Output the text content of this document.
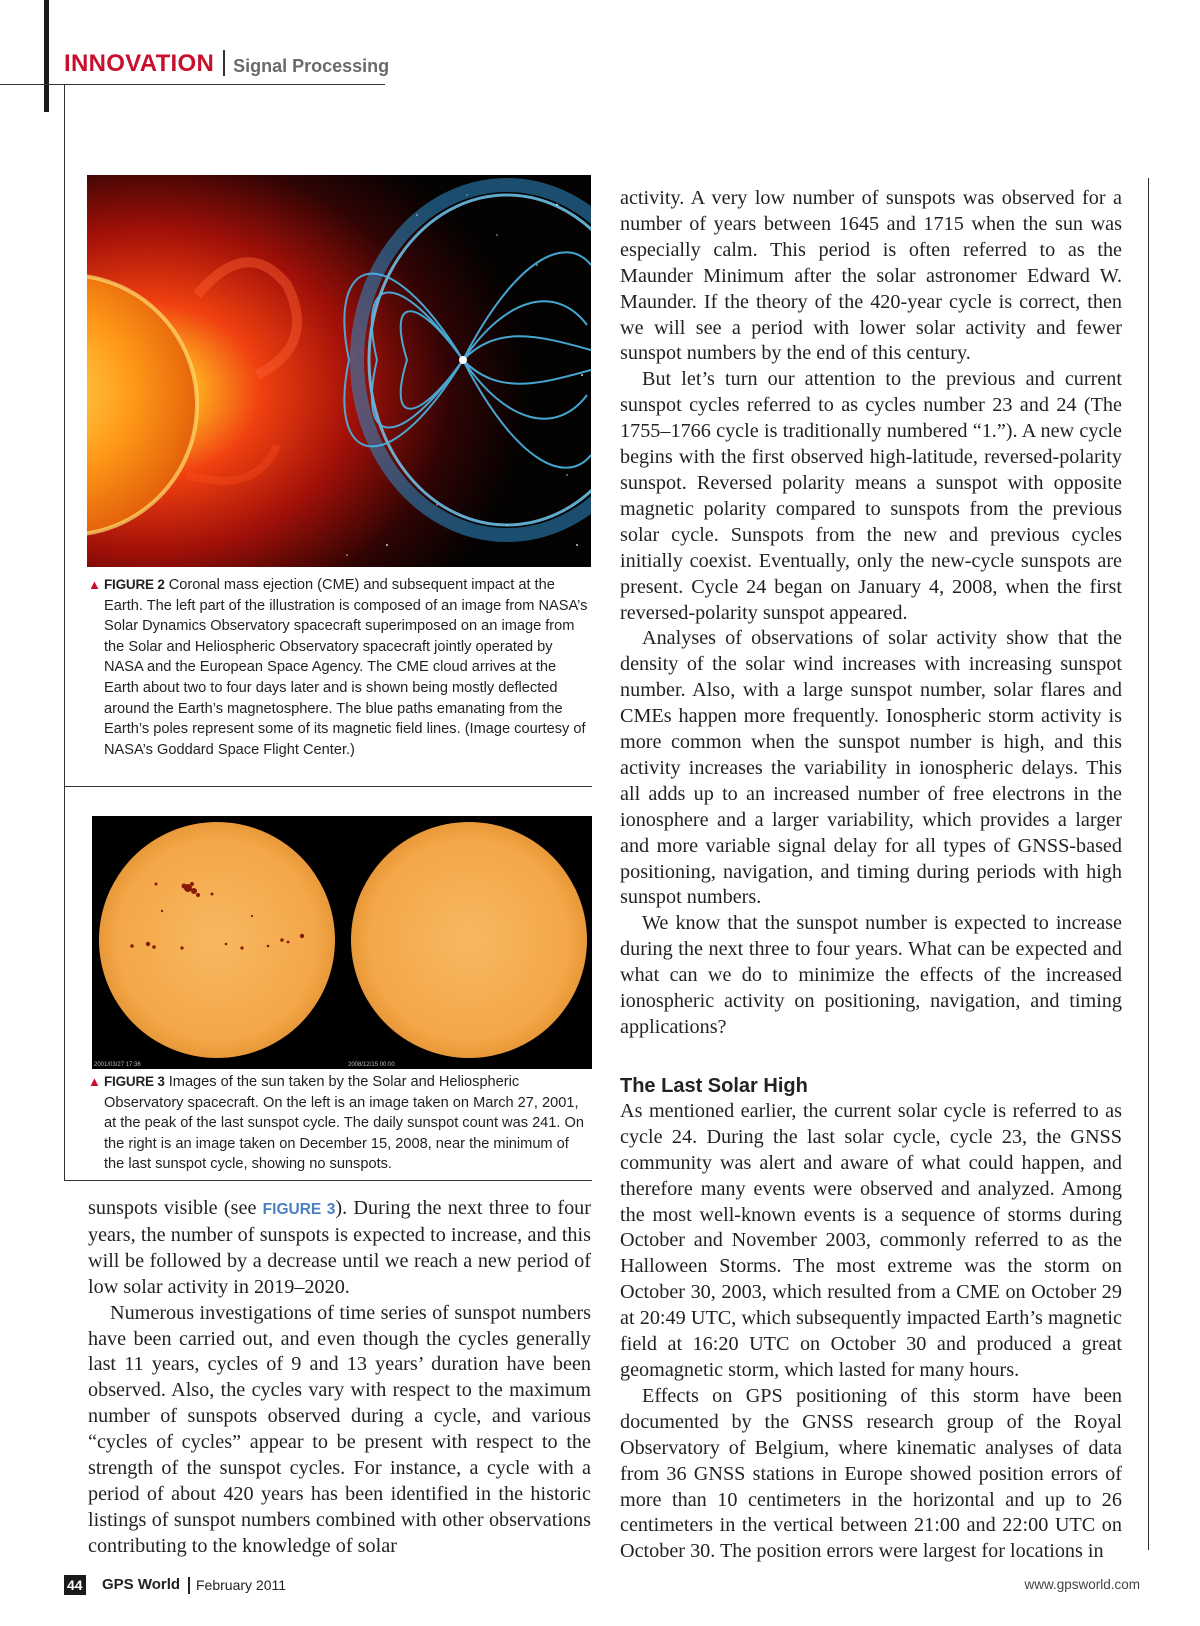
INNOVATION Signal Processing
▲ FIGURE 2 Coronal mass ejection (CME) and subsequent impact at the Earth. The left part of the illustration is composed of an image from NASA’s Solar Dynamics Observatory spacecraft superimposed on an image from the Solar and Heliospheric Observatory spacecraft jointly operated by NASA and the European Space Agency. The CME cloud arrives at the Earth about two to four days later and is shown being mostly deflected around the Earth’s magnetosphere. The blue paths emanating from the Earth’s poles represent some of its magnetic field lines. (Image courtesy of NASA’s Goddard Space Flight Center.)
2001/03/27 17:36	2008/12/15 00:00
▲ FIGURE 3 Images of the sun taken by the Solar and Heliospheric Observatory spacecraft. On the left is an image taken on March 27, 2001, at the peak of the last sunspot cycle. The daily sunspot count was 241. On the right is an image taken on December 15, 2008, near the minimum of the last sunspot cycle, showing no sunspots.

sunspots visible (see FIGURE 3). During the next three to four years, the number of sunspots is expected to increase, and this will be followed by a decrease until we reach a new period of low solar activity in 2019–2020.

Numerous investigations of time series of sunspot numbers have been carried out, and even though the cycles generally last 11 years, cycles of 9 and 13 years’ duration have been observed. Also, the cycles vary with respect to the maximum number of sunspots observed during a cycle, and various “cycles of cycles” appear to be present with respect to the strength of the sunspot cycles. For instance, a cycle with a period of about 420 years has been identified in the historic listings of sunspot numbers combined with other observations contributing to the knowledge of solar

activity. A very low number of sunspots was observed for a number of years between 1645 and 1715 when the sun was especially calm. This period is often referred to as the Maunder Minimum after the solar astronomer Edward W. Maunder. If the theory of the 420-year cycle is correct, then we will see a period with lower solar activity and fewer sunspot numbers by the end of this century.

But let’s turn our attention to the previous and current sunspot cycles referred to as cycles number 23 and 24 (The 1755–1766 cycle is traditionally numbered “1.”). A new cycle begins with the first observed high-latitude, reversed-polarity sunspot. Reversed polarity means a sunspot with opposite magnetic polarity compared to sunspots from the previous solar cycle. Sunspots from the new and previous cycles initially coexist. Eventually, only the new-cycle sunspots are present. Cycle 24 began on January 4, 2008, when the first reversed-polarity sunspot appeared.

Analyses of observations of solar activity show that the density of the solar wind increases with increasing sunspot number. Also, with a large sunspot number, solar flares and CMEs happen more frequently. Ionospheric storm activity is more common when the sunspot number is high, and this activity increases the variability in ionospheric delays. This all adds up to an increased number of free electrons in the ionosphere and a larger variability, which provides a larger and more variable signal delay for all types of GNSS-based positioning, navigation, and timing during periods with high sunspot numbers.

We know that the sunspot number is expected to increase during the next three to four years. What can be expected and what can we do to minimize the effects of the increased ionospheric activity on positioning, navigation, and timing applications?

The Last Solar High

As mentioned earlier, the current solar cycle is referred to as cycle 24. During the last solar cycle, cycle 23, the GNSS community was alert and aware of what could happen, and therefore many events were observed and analyzed. Among the most well-known events is a sequence of storms during October and November 2003, commonly referred to as the Halloween Storms. The most extreme was the storm on October 30, 2003, which resulted from a CME on October 29 at 20:49 UTC, which subsequently impacted Earth’s magnetic field at 16:20 UTC on October 30 and produced a great geomagnetic storm, which lasted for many hours.

Effects on GPS positioning of this storm have been documented by the GNSS research group of the Royal Observatory of Belgium, where kinematic analyses of data from 36 GNSS stations in Europe showed position errors of more than 10 centimeters in the horizontal and up to 26 centimeters in the vertical between 21:00 and 22:00 UTC on October 30. The position errors were largest for locations in

44 GPS World February 2011	www.gpsworld.com
